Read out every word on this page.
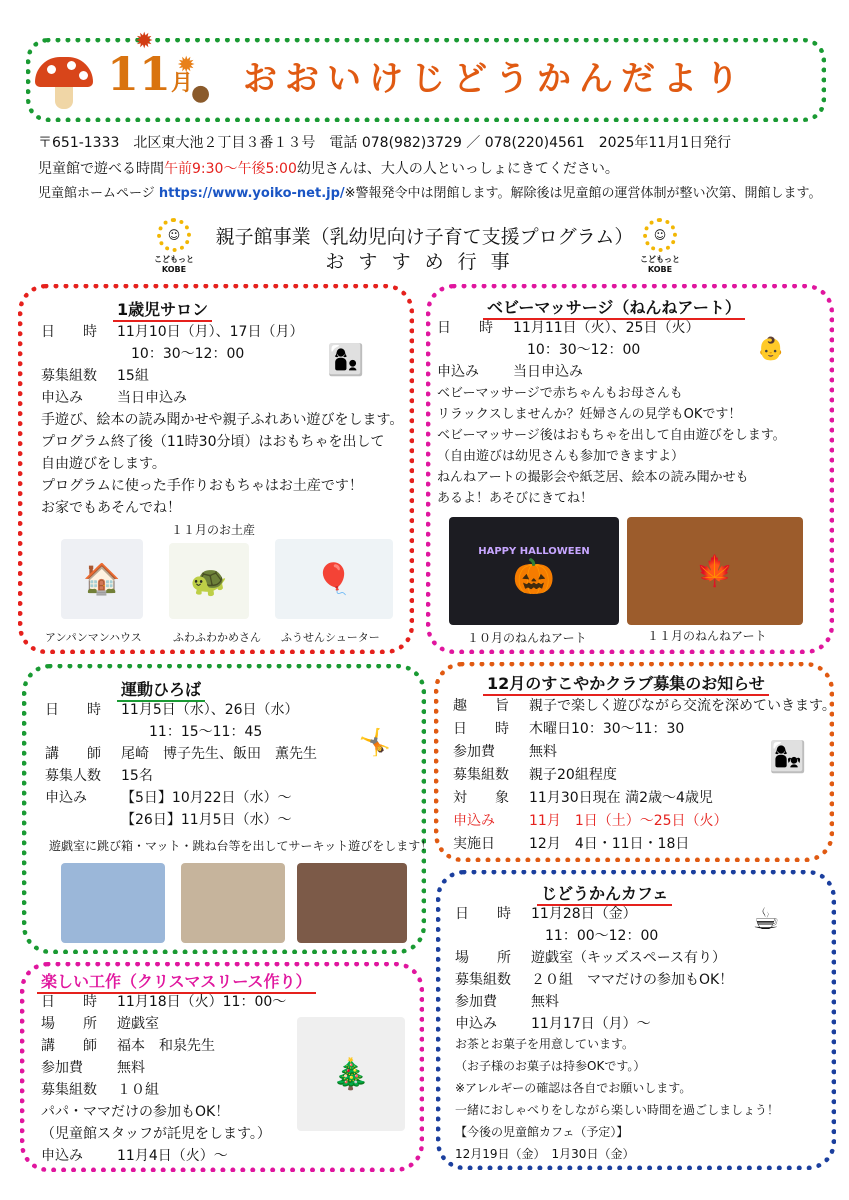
✹
✹
●
11月 おおいけじどうかんだより
〒651-1333　北区東大池２丁目３番１３号　電話 078(982)3729 ／ 078(220)4561　2025年11月1日発行
児童館で遊べる時間午前9:30～午後5:00幼児さんは、大人の人といっしょにきてください。
児童館ホームページ https://www.yoiko-net.jp/※警報発令中は閉館します。解除後は児童館の運営体制が整い次第、開館します。
☺
こどもっと
KOBE
☺
こどもっと
KOBE
親子館事業（乳幼児向け子育て支援プログラム）
おすすめ行事
1歳児サロン
日　　時 11月10日（月）、17日（月）
　10：30～12：00
募集組数 15組
申込み 当日申込み
👩‍👦
手遊び、絵本の読み聞かせや親子ふれあい遊びをします。
プログラム終了後（11時30分頃）はおもちゃを出して
自由遊びをします。
プログラムに使った手作りおもちゃはお土産です！
お家でもあそんでね！
１１月のお土産
🏠	🐢	🎈
アンパンマンハウス	ふわふわかめさん ふうせんシューター
ベビーマッサージ（ねんねアート）
日　　時 11月11日（火）、25日（火）
　10：30～12：00
申込み 当日申込み
👶
ベビーマッサージで赤ちゃんもお母さんも
リラックスしませんか？妊婦さんの見学もOKです！
ベビーマッサージ後はおもちゃを出して自由遊びをします。
（自由遊びは幼児さんも参加できますよ）
ねんねアートの撮影会や紙芝居、絵本の読み聞かせも
あるよ！あそびにきてね！
HAPPY HALLOWEEN
🎃	🍁
１０月のねんねアート	１１月のねんねアート
運動ひろば
日　　時 11月5日（水）、26日（水）
　　11：15～11：45
講　　師 尾崎　博子先生、飯田　薫先生
募集人数 15名
申込み 【5日】10月22日（水）～
【26日】11月5日（水）～
🤸
遊戯室に跳び箱・マット・跳ね台等を出してサーキット遊びをします！
12月のすこやかクラブ募集のお知らせ
趣　　旨 親子で楽しく遊びながら交流を深めていきます。
日　　時 木曜日10：30～11：30
参加費 無料
募集組数 親子20組程度
対　　象 11月30日現在 満2歳～4歳児
申込み 11月　1日（土）～25日（火）
実施日 12月　4日・11日・18日
👩‍👧
じどうかんカフェ
日　　時 11月28日（金）
　11：00～12：00
場　　所 遊戯室（キッズスペース有り）
募集組数 ２０組　ママだけの参加もOK！
参加費 無料
申込み 11月17日（月）～
☕
お茶とお菓子を用意しています。
（お子様のお菓子は持参OKです。）
※アレルギーの確認は各自でお願いします。
一緒におしゃべりをしながら楽しい時間を過ごしましょう！
【今後の児童館カフェ（予定）】
12月19日（金）　1月30日（金）
楽しい工作（クリスマスリース作り）
日　　時 11月18日（火）11：00～
場　　所 遊戯室
講　　師 福本　和泉先生
参加費 無料
募集組数 １０組
パパ・ママだけの参加もOK！
（児童館スタッフが託児をします。）
申込み 11月4日（火）～
🎄
